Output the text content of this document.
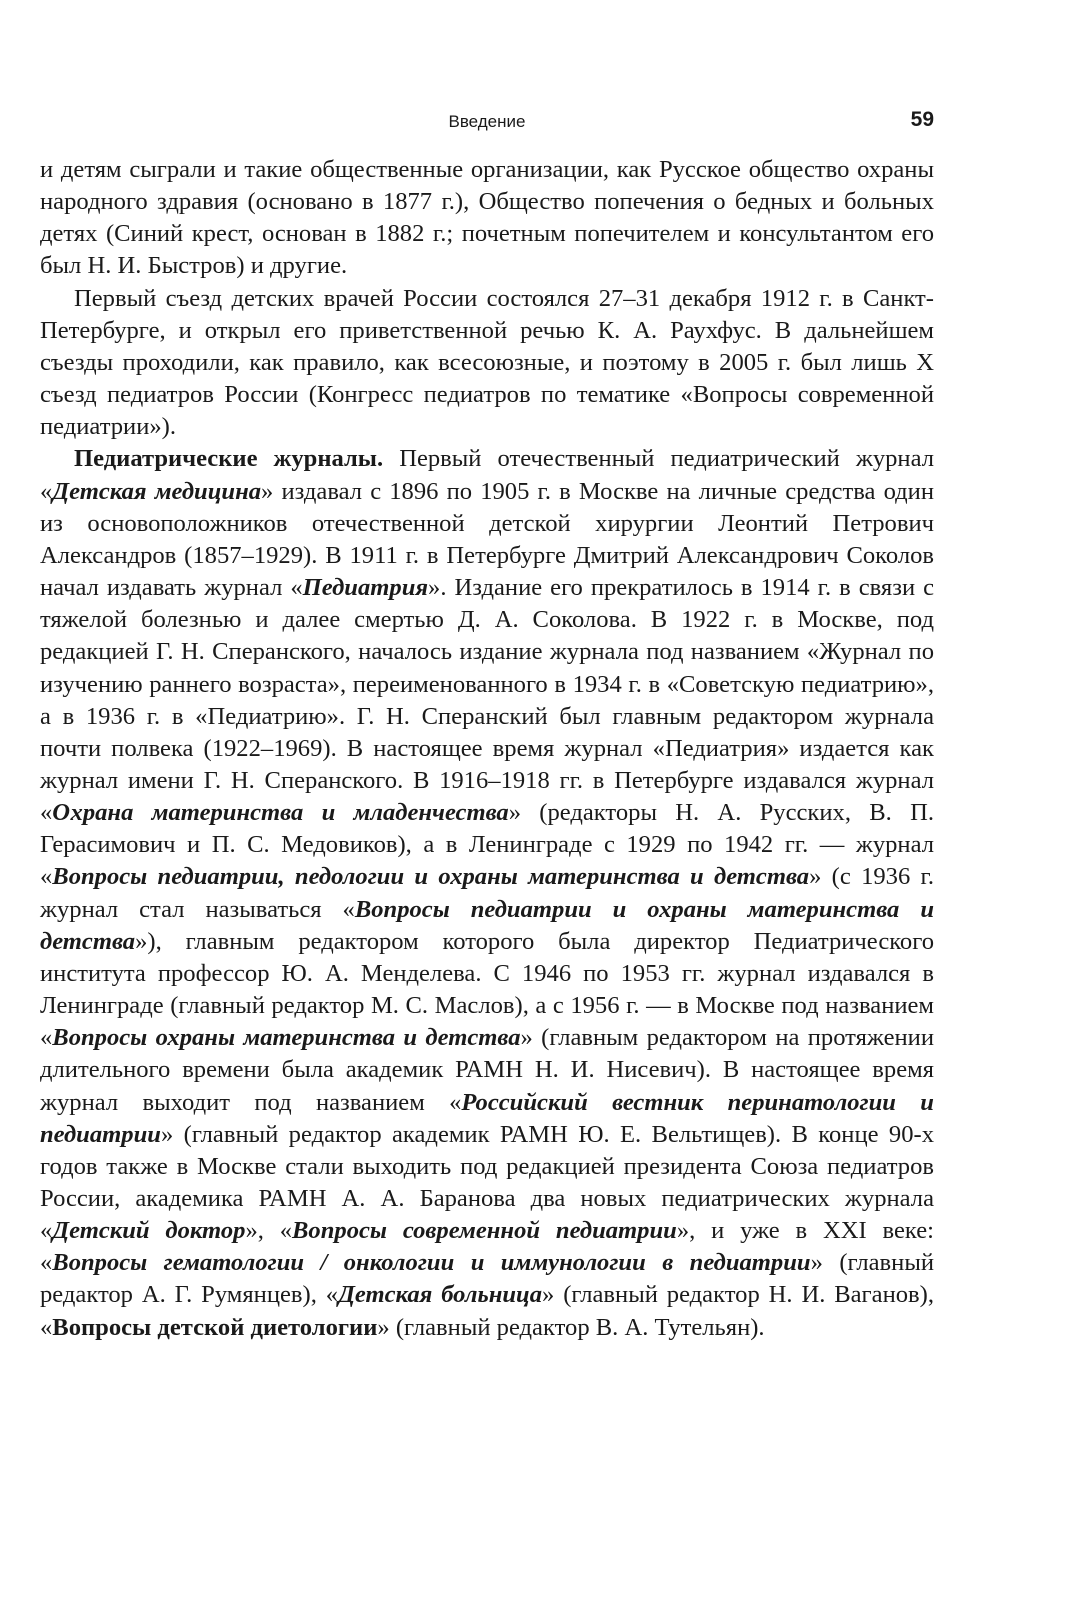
Введение	59

и детям сыграли и такие общественные организации, как Русское общество охраны народного здравия (основано в 1877 г.), Общество попечения о бедных и больных детях (Синий крест, основан в 1882 г.; почетным попечителем и консультантом его был Н. И. Быстров) и другие.

Первый съезд детских врачей России состоялся 27–31 декабря 1912 г. в Санкт-Петербурге, и открыл его приветственной речью К. А. Раухфус. В дальнейшем съезды проходили, как правило, как всесоюзные, и поэтому в 2005 г. был лишь X съезд педиатров России (Конгресс педиатров по тематике «Вопросы современной педиатрии»).

Педиатрические журналы. Первый отечественный педиатрический журнал «Детская медицина» издавал с 1896 по 1905 г. в Москве на личные средства один из основоположников отечественной детской хирургии Леонтий Петрович Александров (1857–1929). В 1911 г. в Петербурге Дмитрий Александрович Соколов начал издавать журнал «Педиатрия». Издание его прекратилось в 1914 г. в связи с тяжелой болезнью и далее смертью Д. А. Соколова. В 1922 г. в Москве, под редакцией Г. Н. Сперанского, началось издание журнала под названием «Журнал по изучению раннего возраста», переименованного в 1934 г. в «Советскую педиатрию», а в 1936 г. в «Педиатрию». Г. Н. Сперанский был главным редактором журнала почти полвека (1922–1969). В настоящее время журнал «Педиатрия» издается как журнал имени Г. Н. Сперанского. В 1916–1918 гг. в Петербурге издавался журнал «Охрана материнства и младенчества» (редакторы Н. А. Русских, В. П. Герасимович и П. С. Медовиков), а в Ленинграде с 1929 по 1942 гг. — журнал «Вопросы педиатрии, педологии и охраны материнства и детства» (с 1936 г. журнал стал называться «Вопросы педиатрии и охраны материнства и детства»), главным редактором которого была директор Педиатрического института профессор Ю. А. Менделева. С 1946 по 1953 гг. журнал издавался в Ленинграде (главный редактор М. С. Маслов), а с 1956 г. — в Москве под названием «Вопросы охраны материнства и детства» (главным редактором на протяжении длительного времени была академик РАМН Н. И. Нисевич). В настоящее время журнал выходит под названием «Российский вестник перинатологии и педиатрии» (главный редактор академик РАМН Ю. Е. Вельтищев). В конце 90-х годов также в Москве стали выходить под редакцией президента Союза педиатров России, академика РАМН А. А. Баранова два новых педиатрических журнала «Детский доктор», «Вопросы современной педиатрии», и уже в XXI веке: «Вопросы гематологии / онкологии и иммунологии в педиатрии» (главный редактор А. Г. Румянцев), «Детская больница» (главный редактор Н. И. Ваганов), «Вопросы детской диетологии» (главный редактор В. А. Тутельян).
